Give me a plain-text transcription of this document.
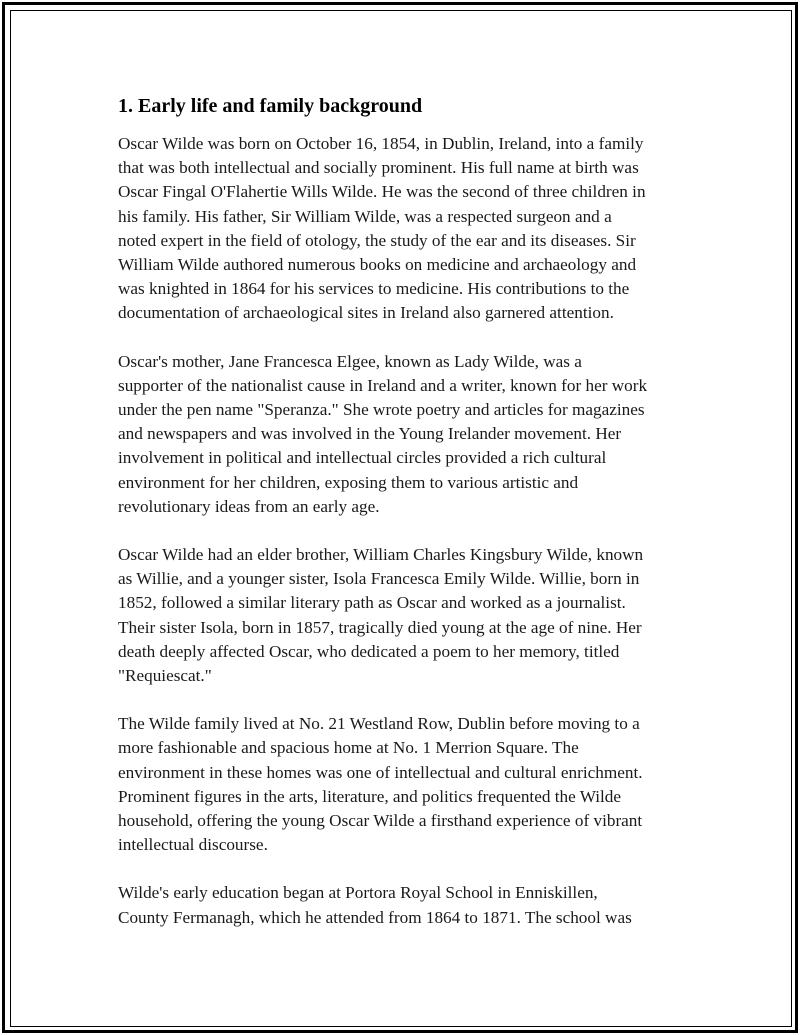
1. Early life and family background

Oscar Wilde was born on October 16, 1854, in Dublin, Ireland, into a family
that was both intellectual and socially prominent. His full name at birth was
Oscar Fingal O'Flahertie Wills Wilde. He was the second of three children in
his family. His father, Sir William Wilde, was a respected surgeon and a
noted expert in the field of otology, the study of the ear and its diseases. Sir
William Wilde authored numerous books on medicine and archaeology and
was knighted in 1864 for his services to medicine. His contributions to the
documentation of archaeological sites in Ireland also garnered attention.

Oscar's mother, Jane Francesca Elgee, known as Lady Wilde, was a
supporter of the nationalist cause in Ireland and a writer, known for her work
under the pen name "Speranza." She wrote poetry and articles for magazines
and newspapers and was involved in the Young Irelander movement. Her
involvement in political and intellectual circles provided a rich cultural
environment for her children, exposing them to various artistic and
revolutionary ideas from an early age.

Oscar Wilde had an elder brother, William Charles Kingsbury Wilde, known
as Willie, and a younger sister, Isola Francesca Emily Wilde. Willie, born in
1852, followed a similar literary path as Oscar and worked as a journalist.
Their sister Isola, born in 1857, tragically died young at the age of nine. Her
death deeply affected Oscar, who dedicated a poem to her memory, titled
"Requiescat."

The Wilde family lived at No. 21 Westland Row, Dublin before moving to a
more fashionable and spacious home at No. 1 Merrion Square. The
environment in these homes was one of intellectual and cultural enrichment.
Prominent figures in the arts, literature, and politics frequented the Wilde
household, offering the young Oscar Wilde a firsthand experience of vibrant
intellectual discourse.

Wilde's early education began at Portora Royal School in Enniskillen,
County Fermanagh, which he attended from 1864 to 1871. The school was
